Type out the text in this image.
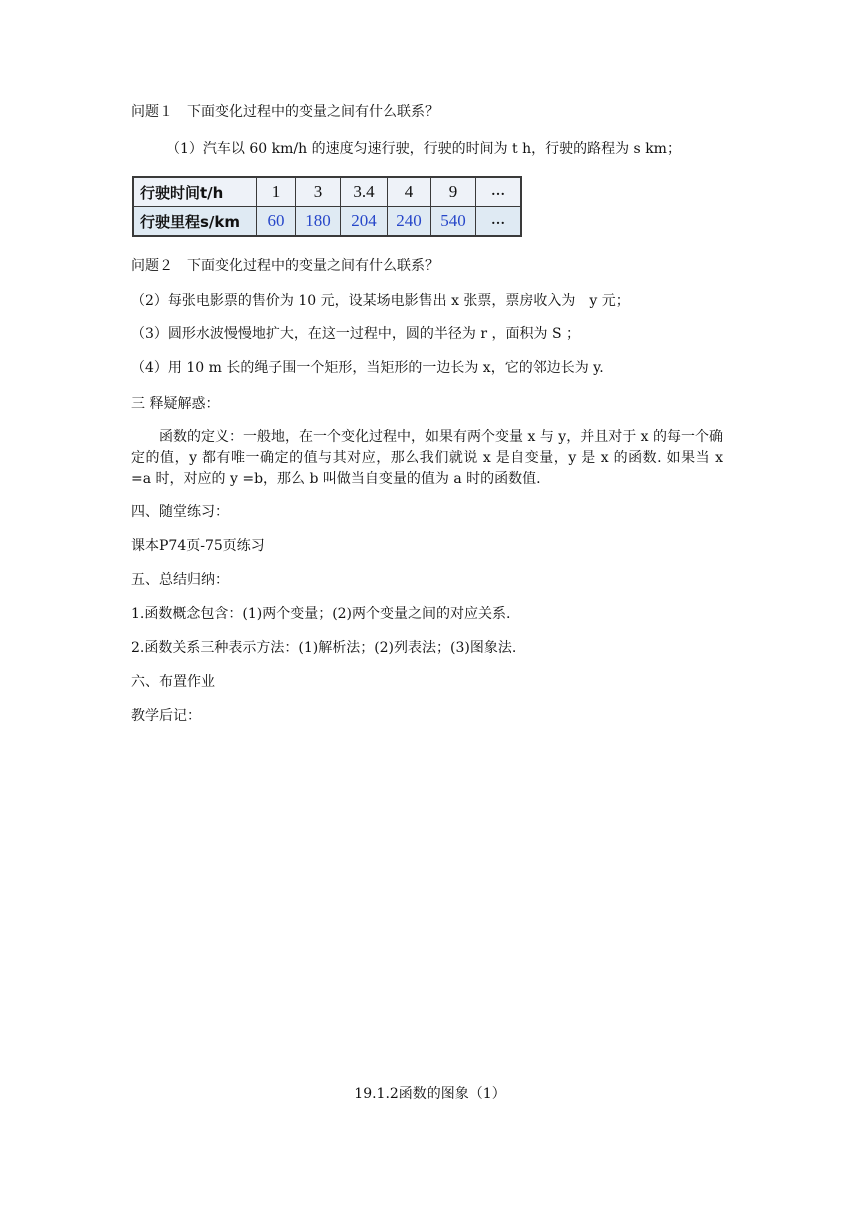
问题１　下面变化过程中的变量之间有什么联系？
（1）汽车以 60 km/h 的速度匀速行驶，行驶的时间为 t h，行驶的路程为 s km；
行驶时间t/h	1	3	3.4	4	9	…
行驶里程s/km	60	180	204	240	540	…
问题２　下面变化过程中的变量之间有什么联系？
（2）每张电影票的售价为 10 元，设某场电影售出 x 张票，票房收入为　y 元；
（3）圆形水波慢慢地扩大，在这一过程中，圆的半径为 r ，面积为 S ；
（4）用 10 m 长的绳子围一个矩形，当矩形的一边长为 x，它的邻边长为 y.
三 释疑解惑：
函数的定义：一般地，在一个变化过程中，如果有两个变量 x 与 y，并且对于 x 的每一个确定的值，y 都有唯一确定的值与其对应，那么我们就说 x 是自变量，y 是 x 的函数. 如果当 x =a 时，对应的 y =b，那么 b 叫做当自变量的值为 a 时的函数值.
四、随堂练习：
课本P74页-75页练习
五、总结归纳：
1.函数概念包含：(1)两个变量；(2)两个变量之间的对应关系.
2.函数关系三种表示方法：(1)解析法；(2)列表法；(3)图象法.
六、布置作业
教学后记：
19.1.2函数的图象（1）
